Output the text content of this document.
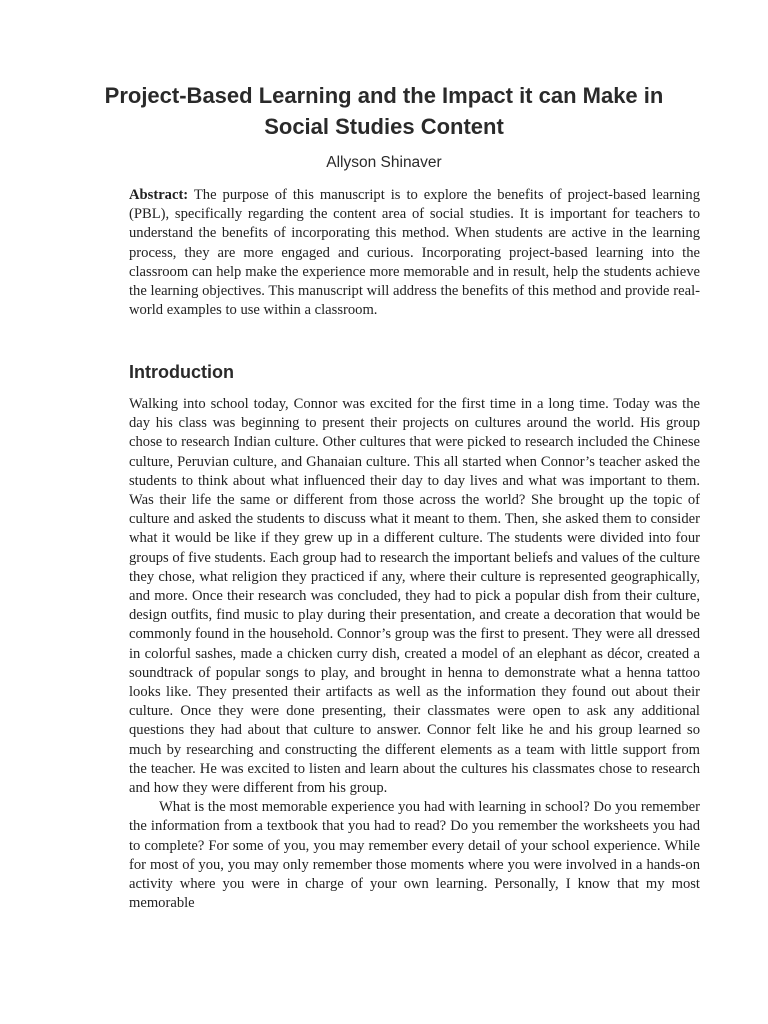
Project-Based Learning and the Impact it can Make in Social Studies Content
Allyson Shinaver

Abstract: The purpose of this manuscript is to explore the benefits of project-based learning (PBL), specifically regarding the content area of social studies. It is important for teachers to understand the benefits of incorporating this method. When students are active in the learning process, they are more engaged and curious. Incorporating project-based learning into the classroom can help make the experience more memorable and in result, help the students achieve the learning objectives. This manuscript will address the benefits of this method and provide real-world examples to use within a classroom.

Introduction

Walking into school today, Connor was excited for the first time in a long time. Today was the day his class was beginning to present their projects on cultures around the world. His group chose to research Indian culture. Other cultures that were picked to research included the Chinese culture, Peruvian culture, and Ghanaian culture. This all started when Connor’s teacher asked the students to think about what influenced their day to day lives and what was important to them. Was their life the same or different from those across the world? She brought up the topic of culture and asked the students to discuss what it meant to them. Then, she asked them to consider what it would be like if they grew up in a different culture. The students were divided into four groups of five students. Each group had to research the important beliefs and values of the culture they chose, what religion they practiced if any, where their culture is represented geographically, and more. Once their research was concluded, they had to pick a popular dish from their culture, design outfits, find music to play during their presentation, and create a decoration that would be commonly found in the household. Connor’s group was the first to present. They were all dressed in colorful sashes, made a chicken curry dish, created a model of an elephant as décor, created a soundtrack of popular songs to play, and brought in henna to demonstrate what a henna tattoo looks like. They presented their artifacts as well as the information they found out about their culture. Once they were done presenting, their classmates were open to ask any additional questions they had about that culture to answer. Connor felt like he and his group learned so much by researching and constructing the different elements as a team with little support from the teacher. He was excited to listen and learn about the cultures his classmates chose to research and how they were different from his group.

What is the most memorable experience you had with learning in school? Do you remember the information from a textbook that you had to read? Do you remember the worksheets you had to complete? For some of you, you may remember every detail of your school experience. While for most of you, you may only remember those moments where you were involved in a hands-on activity where you were in charge of your own learning. Personally, I know that my most memorable
